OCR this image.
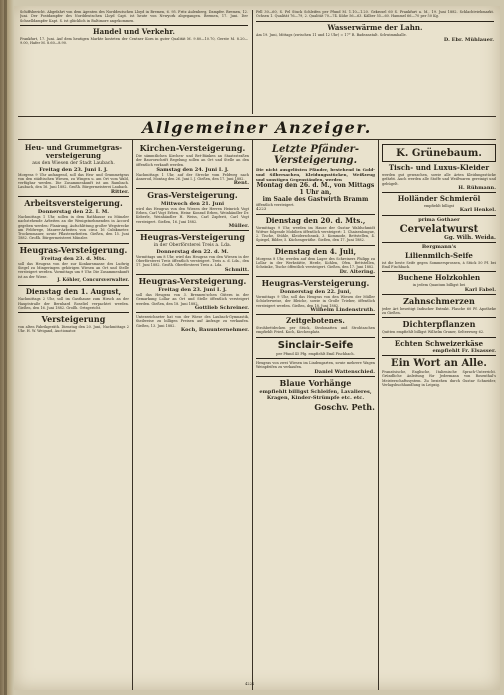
Schiffsbericht. Abgefahrt von dem Agenten des Norddeutschen Lloyd in Bremen, 6. 95. Fritz Aulenberg, Dampfer. Bremen, 12. Juni. Der Postdampfer des Norddeutschen Lloyd Capt. ist heute von Newyork abgegangen. Bremen, 17. Juni. Der Schnelldampfer Kapt. S. ist glücklich in Baltimore angekommen.
Handel und Verkehr.
Frankfurt, 17. Juni. Auf dem heutigen Markte kosteten der Centner Korn in guter Qualität M. 9.80—10.70, Gerste M. 8.20—9.00, Hafer M. 8.60—8.90.

Fell 30—60, S. Fel Stuck Schleifen per Pfund M. 1.10—1.20. Gekrosel 60 S. Frankfurt a. M., 19. Juni 1882. Schlachtviehmarkt. Ochsen 1. Qualität 76—79, 2. Qualität 70—74. Kühe 56—63. Kälber 55—60. Hammel 66—70 per 50 Kg.
Wasserwärme der Lahn.
Am 19. Juni, Mittags (zwischen 11 und 12 Uhr) = 17° R. Badeanstalt. Schwimmhalle.
D. Ebr. Mühlauer.
Allgemeiner Anzeiger.
Heu- und Grummetgras-versteigerung
aus den Wiesen der Stadt Laubach.
Freitag den 23. Juni I. J.
Morgens 9 Uhr anfangend, soll das Heu- und Grummetgras von den städtischen Wiesen, zu Wingen u. am Ort vom Wald, verfügbar werden. Die Zusammenkunft ist am Rambach. Laubach, den 16. Juni 1882. Großh. Bürgermeisterei Laubach.
Ritter.
Arbeitsversteigerung.
Donnerstag den 22. I. M.
Nachmittags 1 Uhr, sollen in dem Rathhause zu Münzler nachstehende Arbeiten an die Wenigstnehmenden in Accord gegeben werden: Planirung, Aufschlittung großer Wegstrecke am Feldwege, Maurer-Arbeiten von circa 16 Cubikmeter. Trockenmauer, sowie Pflasterarbeiten. Gießen, den 15. Juni 1882. Großh. Bürgermeisterei Münzler.
Heugras-Versteigerung.
Freitag den 23. d. Mts.
soll das Heugras von der zur Konkursmasse des Ludwig Siegel zu Mingeringen gehörigen Wiesen an Ort und Stelle versteigert werden. Vormittags um 9 Uhr. Die Zusammenkunft ist an der Wiese.
J. Köhler, Concursverwalter.
Dienstag den 1. August,
Nachmittags 2 Uhr, soll im Gasthause zum Hirsch an der Hauptstraße der Bernhard Roseliel verpachtet werden. Gießen, den 16. Juni 1882. Großh. Ortsgericht.
Versteigerung
von alten Fabrikgeräth. Dienstag den 20. Juni, Nachmittags 2 Uhr. H. W. Weigand, Auctionator.
Kirchen-Versteigerung.
Die sämmtlichen Kirchen- und Bet-Bänken an Staatsstraßen der Bauvorschrift Regelung sollen an Ort und Stelle an den öffentlich verkauft werden.
Samstag den 24. Juni I. J.
Nachmittags 1 Uhr, auf der Strecke vom Feldweg nach Annerod, Montag den 26. Juni I. J. Gießen, den 17. Juni 1882.
Rent.
Gras-Versteigerung.
Mittwoch den 21. Juni
wird das Heugras von den Wiesen der Herren Heinrich Vogt Erben, Carl Vogt Erben, Heinr. Konrad Erben, Weinhändler Dr. Keberle, Weinhändler H. Weiss, Carl Zapferit, Carl Vogt versteigert. Gießen, 16. Juni 1882.
Müller.
Heugras-Versteigerung
in der Oberförsterei Treis a. Lda.
Donnerstag den 22. d. M.
Vormittags um 8 Uhr, wird das Heugras von den Wiesen in der Oberförsterei Treis öffentlich versteigert. Treis a. d. Lda., den 17. Juni 1882. Großh. Oberförsterei Treis a. Lda.
Schmitt.
Heugras-Versteigerung.
Freitag den 23. Juni I. J.
soll das Heugras von 3. Brennen'schen Gütern in der Gemarkung Lollar an Ort und Stelle öffentlich versteigert werden. Gießen, den 18. Juni 1882.
Gottlieb Schreiner.
Unterzeichneter hat von der Wiese des Laubach-Gymnastik, theilweise zu billigen Preisen auf Anfrage zu verkaufen. Gießen, 13. Juni 1882.
Koch, Bauunternehmer.
Letzte Pfänder-Versteigerung.
Die nicht ausgelösten Pfänder, bestehend in Gold- und Silbersachen, Kleidungsstücken, Weißzeug und sonstigen Gegenständen, werden
Montag den 26. d. M., von Mittags 1 Uhr an,
im Saale des Gastwirth Bramm
öffentlich versteigert.
4223
Dienstag den 20. d. Mts.,
Vormittags 9 Uhr, werden im Hause der Gustav Waldschmidt Wittwe folgende Mobilien öffentlich versteigert: 1. Chaisenlongue, 2. Tische, Stühle, Kleiderschrank, 3. Kommode, Bettstellen, 4. Spiegel, Bilder, 5. Küchengeräthe. Gießen, den 17. Juni 1882.
Dienstag den 4. Juli,
Morgens 8 Uhr, werden auf dem Lager des Schreiners Philipp zu Lollar in der Werkstätte, Herde, Kohlen, Ofen, Bettstellen, Schränke, Tische öffentlich versteigert. Gießen, den 17. Juni 1882.
Dr. Altering.
Heugras-Versteigerung.
Donnerstag den 22. Juni,
Vormittags 9 Uhr, soll das Heugras von den Wiesen der Müller Schürlerweise, der Bleiche, sowie in Große Trieber, öffentlich versteigert werden. Gießen, den 18. Juni 1882.
Wilhelm Lindenstruth.
Zeitgebotenes.
Strohbettdecken per Stück, Strohmatten und Strohtaschen empfiehlt Fried. Koch, Kirchenplatz.
Sinclair-Seife
per Pfund 45 Pfg. empfiehlt Emil Fischbach.
Heugras von zwei Wiesen im Lindengarten, sowie mehrere Wagen Weinpfeifen zu verkaufen.
Daniel Wattenschied.
Blaue Vorhänge
empfiehlt billigst Schleifen, Lavalieres, Kragen, Kinder-Strümpfe etc. etc.
Goschv. Peth.
K. Grünebaum.
Tisch- und Luxus-Kleider
werden gut gewaschen, sowie alle Arten Kleidungsstücke gefärbt. Auch werden alle Stoffe und Weißwaren gereinigt und gebügelt.
H. Rühmann.
Holländer Schmieröl
empfiehlt billigst
Karl Henkel.
prima Gothaer
Cervelatwurst
Gg. Wilh. Weida.
Bergmann's
Lilienmilch-Seife
ist die beste Seife gegen Sommersprossen, à Stück 50 Pf. bei Emil Fischbach.
Buchene Holzkohlen
in jedem Quantum billigst bei
Karl Fabel.
Zahnschmerzen
jeder Art beseitigt Indischer Extrakt. Flasche 60 Pf. Apotheke zu Gießen.
Dichterpflanzen
Quitten empfiehlt billigst Wilhelm Gruner, Seltersweg 62.
Echten Schweizerkäse
empfiehlt Fr. Elsasser.
Ein Wort an Alle.
Französische, Englische, Italienische Sprach-Unterricht. Gründliche Anleitung für Jedermann von Rosenthal's Meisterschaftssystem. Zu beziehen durch Gustav Schneider, Verlagsbuchhandlung in Leipzig.
4224
